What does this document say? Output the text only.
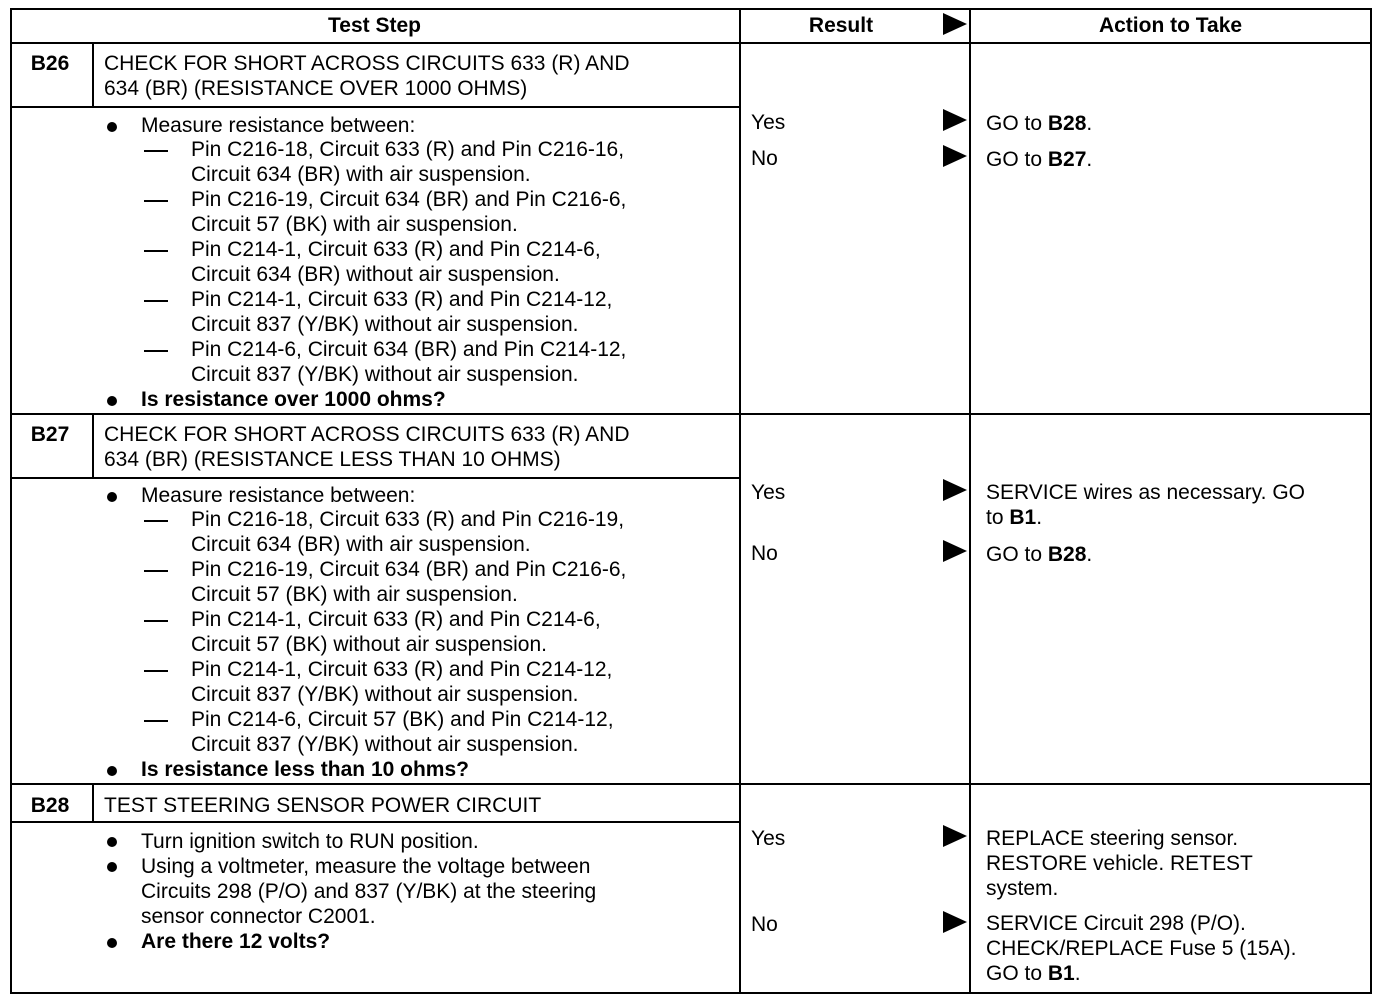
Test Step	Result	Action to Take
B26	CHECK FOR SHORT ACROSS CIRCUITS 633 (R) AND
634 (BR) (RESISTANCE OVER 1000 OHMS)
Measure resistance between:
Pin C216-18, Circuit 633 (R) and Pin C216-16,
Circuit 634 (BR) with air suspension.
Pin C216-19, Circuit 634 (BR) and Pin C216-6,
Circuit 57 (BK) with air suspension.
Pin C214-1, Circuit 633 (R) and Pin C214-6,
Circuit 634 (BR) without air suspension.
Pin C214-1, Circuit 633 (R) and Pin C214-12,
Circuit 837 (Y/BK) without air suspension.
Pin C214-6, Circuit 634 (BR) and Pin C214-12,
Circuit 837 (Y/BK) without air suspension.
Is resistance over 1000 ohms?
Yes	GO to B28.
No	GO to B27.
B27	CHECK FOR SHORT ACROSS CIRCUITS 633 (R) AND
634 (BR) (RESISTANCE LESS THAN 10 OHMS)
Measure resistance between:
Pin C216-18, Circuit 633 (R) and Pin C216-19,
Circuit 634 (BR) with air suspension.
Pin C216-19, Circuit 634 (BR) and Pin C216-6,
Circuit 57 (BK) with air suspension.
Pin C214-1, Circuit 633 (R) and Pin C214-6,
Circuit 57 (BK) without air suspension.
Pin C214-1, Circuit 633 (R) and Pin C214-12,
Circuit 837 (Y/BK) without air suspension.
Pin C214-6, Circuit 57 (BK) and Pin C214-12,
Circuit 837 (Y/BK) without air suspension.
Is resistance less than 10 ohms?
Yes	SERVICE wires as necessary. GO
to B1.
No	GO to B28.
B28	TEST STEERING SENSOR POWER CIRCUIT
Turn ignition switch to RUN position.
Using a voltmeter, measure the voltage between
Circuits 298 (P/O) and 837 (Y/BK) at the steering
sensor connector C2001.
Are there 12 volts?
Yes	REPLACE steering sensor.
RESTORE vehicle. RETEST
system.
No	SERVICE Circuit 298 (P/O).
CHECK/REPLACE Fuse 5 (15A).
GO to B1.
